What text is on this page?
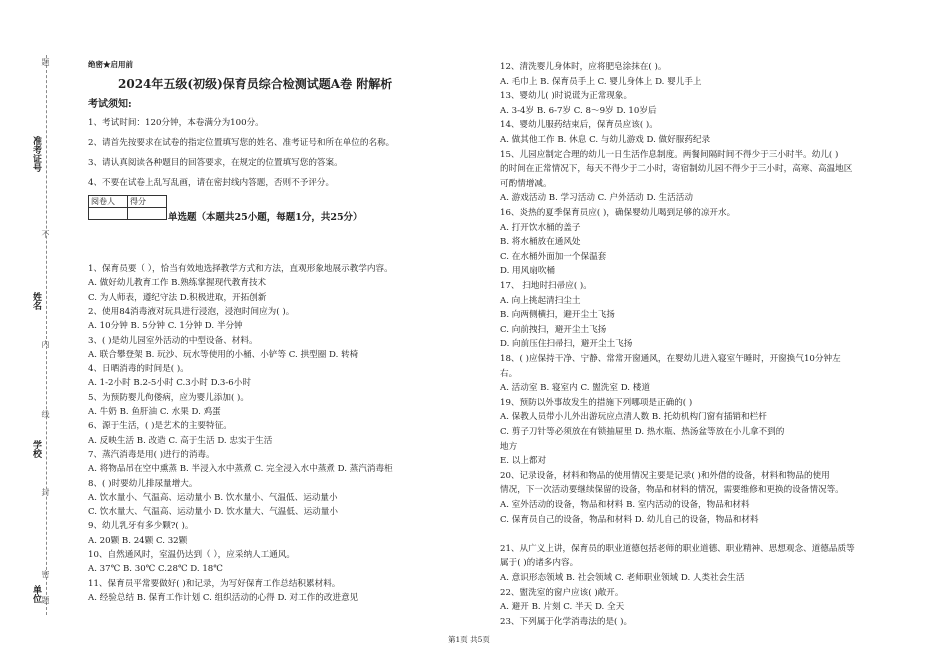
准考证号
姓名
学校
单位
题
不
内
线
封
密
题
绝密★启用前
2024年五级(初级)保育员综合检测试题A卷 附解析
考试须知:
1、考试时间：120分钟，本卷满分为100分。
2、请首先按要求在试卷的指定位置填写您的姓名、准考证号和所在单位的名称。
3、请认真阅读各种题目的回答要求，在规定的位置填写您的答案。
4、不要在试卷上乱写乱画，请在密封线内答题，否则不予评分。
阅卷人	得分

单选题（本题共25小题，每题1分，共25分）
1、保育员要（ ），恰当有效地选择教学方式和方法，直观形象地展示教学内容。
A. 做好幼儿教育工作 B.熟练掌握现代教育技术
C. 为人师表，遵纪守法 D.积极进取，开拓创新
2、使用84消毒液对玩具进行浸泡，浸泡时间应为( )。
A. 10分钟 B. 5分钟 C. 1分钟 D. 半分钟
3、( )是幼儿园室外活动的中型设备、材料。
A. 联合攀登架 B. 玩沙、玩水等使用的小桶、小铲等 C. 拱型圈 D. 转椅
4、日晒消毒的时间是( )。
A. 1-2小时 B.2-5小时 C.3小时 D.3-6小时
5、为预防婴儿佝偻病，应为婴儿添加( )。
A. 牛奶 B. 鱼肝油 C. 水果 D. 鸡蛋
6、源于生活，( )是艺术的主要特征。
A. 反映生活 B. 改造 C. 高于生活 D. 忠实于生活
7、蒸汽消毒是用( )进行的消毒。
A. 将物品吊在空中熏蒸 B. 半浸入水中蒸煮 C. 完全浸入水中蒸煮 D. 蒸汽消毒柜
8、( )时要幼儿排尿量增大。
A. 饮水量小、气温高、运动量小 B. 饮水量小、气温低、运动量小
C. 饮水量大、气温高、运动量小 D. 饮水量大、气温低、运动量小
9、幼儿乳牙有多少颗?( )。
A. 20颗 B. 24颗 C. 32颗
10、自然通风时，室温仍达到（ ），应采纳人工通风。
A. 37℃ B. 30℃ C.28℃ D. 18℃
11、保育员平常要做好( )和记录，为写好保育工作总结积累材料。
A. 经验总结 B. 保育工作计划 C. 组织活动的心得 D. 对工作的改进意见
12、清洗婴儿身体时，应将肥皂涂抹在( )。
A. 毛巾上 B. 保育员手上 C. 婴儿身体上 D. 婴儿手上
13、婴幼儿( )时说谎为正常现象。
A. 3-4岁 B. 6-7岁 C. 8～9岁 D. 10岁后
14、婴幼儿服药结束后，保育员应该( )。
A. 做其他工作 B. 休息 C. 与幼儿游戏 D. 做好服药纪录
15、儿园应制定合理的幼儿一日生活作息制度。两餐间隔时间不得少于三小时半。幼儿( )
的时间在正常情况下，每天不得少于二小时，寄宿制幼儿园不得少于三小时，高寒、高温地区
可酌情增减。
A. 游戏活动 B. 学习活动 C. 户外活动 D. 生活活动
16、炎热的夏季保育员应( )，确保婴幼儿喝到足够的凉开水。
A. 打开饮水桶的盖子
B. 将水桶放在通风处
C. 在水桶外面加一个保温套
D. 用风扇吹桶
17、 扫地时扫帚应( )。
A. 向上挑起清扫尘土
B. 向两侧横扫，避开尘土飞扬
C. 向前拽扫，避开尘土飞扬
D. 向前压住扫帚扫，避开尘土飞扬
18、( )应保持干净、宁静、常常开窗通风，在婴幼儿进入寝室午睡时，开窗换气10分钟左
右。
A. 活动室 B. 寝室内 C. 盥洗室 D. 楼道
19、预防以外事故发生的措施下列哪项是正确的( )
A. 保教人员带小儿外出游玩应点清人数 B. 托幼机构门窗有插销和栏杆
C. 剪子刀针等必须放在有锁抽屉里 D. 热水瓶、热汤盆等放在小儿拿不到的
地方
E. 以上都对
20、记录设备，材料和物品的使用情况主要是记录( )和外借的设备，材料和物品的使用
情况，下一次活动要继续保留的设备，物品和材料的情况，需要维修和更换的设备情况等。
A. 室外活动的设备，物品和材料 B. 室内活动的设备，物品和材料
C. 保育员自己的设备，物品和材料 D. 幼儿自己的设备，物品和材料
21、从广义上讲，保育员的职业道德包括老师的职业道德、职业精神、思想观念、道德品质等
属于( )的诸多内容。
A. 意识形态领域 B. 社会领域 C. 老师职业领域 D. 人类社会生活
22、盥洗室的窗户应该( )敞开。
A. 避开 B. 片刻 C. 半天 D. 全天
23、下列属于化学消毒法的是( )。
第1页 共5页
